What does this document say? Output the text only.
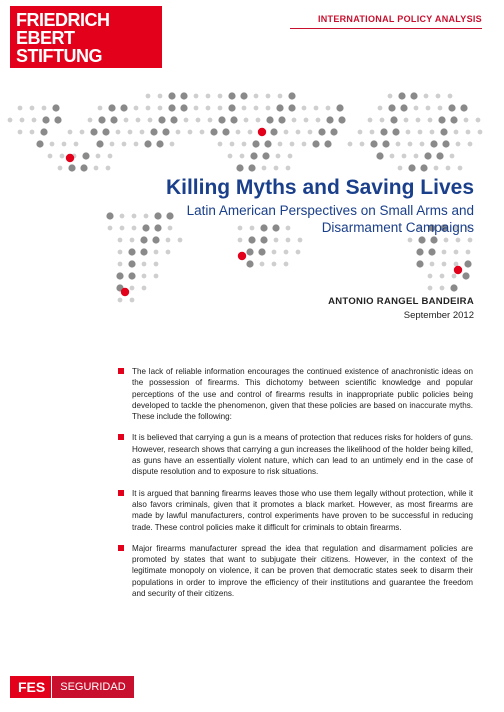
FRIEDRICH
EBERT
STIFTUNG
INTERNATIONAL POLICY ANALYSIS
Killing Myths and Saving Lives

Latin American Perspectives on Small Arms and Disarmament Campaigns

ANTONIO RANGEL BANDEIRA
September 2012
The lack of reliable information encourages the continued existence of anachronistic ideas on the possession of firearms. This dichotomy between scientific knowledge and popular perceptions of the use and control of firearms results in inappropriate public policies being developed to tackle the phenomenon, given that these policies are based on inaccurate myths. These include the following:
It is believed that carrying a gun is a means of protection that reduces risks for holders of guns. However, research shows that carrying a gun increases the likelihood of the holder being killed, as guns have an essentially violent nature, which can lead to an untimely end in the case of dispute resolution and to exposure to risk situations.
It is argued that banning firearms leaves those who use them legally without protection, while it also favors criminals, given that it promotes a black market. However, as most firearms are made by lawful manufacturers, control experiments have proven to be successful in reducing trade. These control policies make it difficult for criminals to obtain firearms.
Major firearms manufacturer spread the idea that regulation and disarmament policies are promoted by states that want to subjugate their citizens. However, in the context of the legitimate monopoly on violence, it can be proven that democratic states seek to disarm their populations in order to improve the efficiency of their institutions and guarantee the freedom and security of their citizens.
FES	SEGURIDAD
